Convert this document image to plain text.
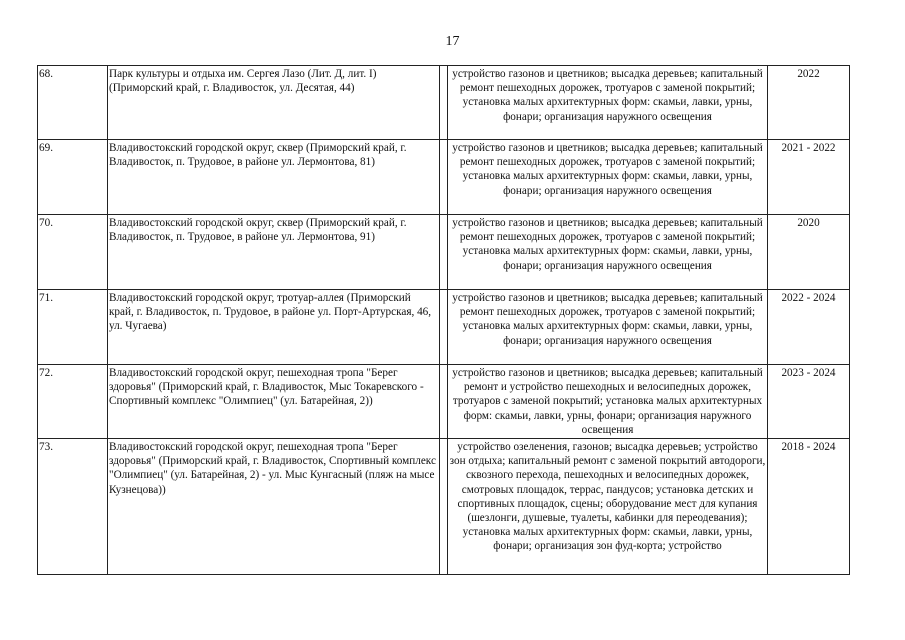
17
68.	Парк культуры и отдыха им. Сергея Лазо (Лит. Д, лит. I) (Приморский край, г. Владивосток, ул. Десятая, 44)		устройство газонов и цветников; высадка деревьев; капитальный ремонт пешеходных дорожек, тротуаров с заменой покрытий; установка малых архитектурных форм: скамьи, лавки, урны, фонари; организация наружного освещения	2022
69.	Владивостокский городской округ, сквер (Приморский край, г. Владивосток, п. Трудовое, в районе ул. Лермонтова, 81)		устройство газонов и цветников; высадка деревьев; капитальный ремонт пешеходных дорожек, тротуаров с заменой покрытий; установка малых архитектурных форм: скамьи, лавки, урны, фонари; организация наружного освещения	2021 - 2022
70.	Владивостокский городской округ, сквер (Приморский край, г. Владивосток, п. Трудовое, в районе ул. Лермонтова, 91)		устройство газонов и цветников; высадка деревьев; капитальный ремонт пешеходных дорожек, тротуаров с заменой покрытий; установка малых архитектурных форм: скамьи, лавки, урны, фонари; организация наружного освещения	2020
71.	Владивостокский городской округ, тротуар-аллея (Приморский край, г. Владивосток, п. Трудовое, в районе ул. Порт-Артурская, 46, ул. Чугаева)		устройство газонов и цветников; высадка деревьев; капитальный ремонт пешеходных дорожек, тротуаров с заменой покрытий; установка малых архитектурных форм: скамьи, лавки, урны, фонари; организация наружного освещения	2022 - 2024
72.	Владивостокский городской округ, пешеходная тропа "Берег здоровья" (Приморский край, г. Владивосток, Мыс Токаревского - Спортивный комплекс "Олимпиец" (ул. Батарейная, 2))		устройство газонов и цветников; высадка деревьев; капитальный ремонт и устройство пешеходных и велосипедных дорожек, тротуаров с заменой покрытий; установка малых архитектурных форм: скамьи, лавки, урны, фонари; организация наружного освещения	2023 - 2024
73.	Владивостокский городской округ, пешеходная тропа "Берег здоровья" (Приморский край, г. Владивосток, Спортивный комплекс "Олимпиец" (ул. Батарейная, 2) - ул. Мыс Кунгасный (пляж на мысе Кузнецова))		устройство озеленения, газонов; высадка деревьев; устройство зон отдыха; капитальный ремонт с заменой покрытий автодороги, сквозного перехода, пешеходных и велосипедных дорожек, смотровых площадок, террас, пандусов; установка детских и спортивных площадок, сцены; оборудование мест для купания (шезлонги, душевые, туалеты, кабинки для переодевания); установка малых архитектурных форм: скамьи, лавки, урны, фонари; организация зон фуд-корта; устройство	2018 - 2024
